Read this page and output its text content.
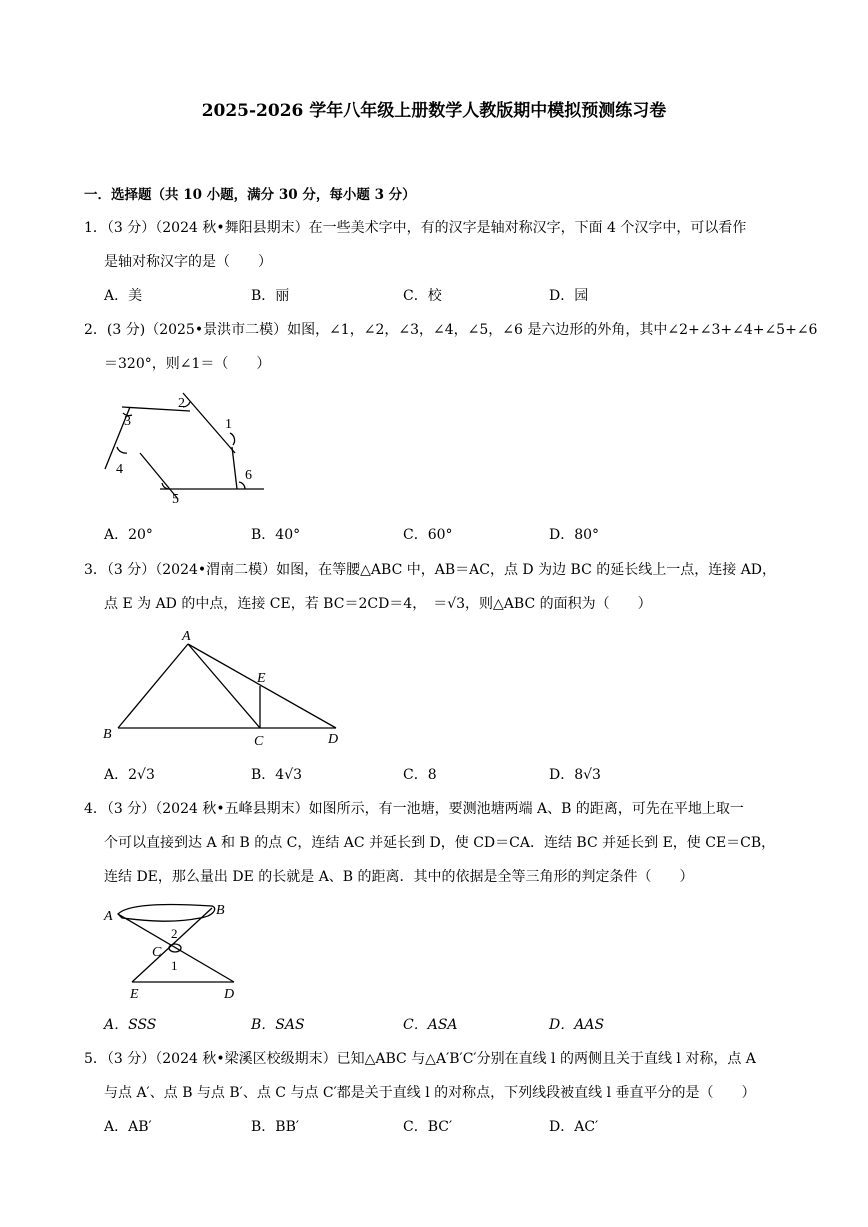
2025-2026 学年八年级上册数学人教版期中模拟预测练习卷
一．选择题（共 10 小题，满分 30 分，每小题 3 分）
1．（3 分）（2024 秋•舞阳县期末）在一些美术字中，有的汉字是轴对称汉字，下面 4 个汉字中，可以看作
是轴对称汉字的是（　　）
A．美	B．丽	C．校	D．园
2．(3 分)（2025•景洪市二模）如图，∠1，∠2，∠3，∠4，∠5，∠6 是六边形的外角，其中∠2+∠3+∠4+∠5+∠6
＝320°，则∠1＝（　　）
2
1
3
4
5
6
A．20°	B．40°	C．60°	D．80°
3．（3 分）（2024•渭南二模）如图，在等腰△ABC 中，AB＝AC，点 D 为边 BC 的延长线上一点，连接 AD，
点 E 为 AD 的中点，连接 CE，若 BC＝2CD＝4，　＝√3，则△ABC 的面积为（　　）
A
B	C	D
E
A．2√3	B．4√3	C．8	D．8√3
4．（3 分）（2024 秋•五峰县期末）如图所示，有一池塘，要测池塘两端 A、B 的距离，可先在平地上取一
个可以直接到达 A 和 B 的点 C，连结 AC 并延长到 D，使 CD＝CA．连结 BC 并延长到 E，使 CE＝CB，
连结 DE，那么量出 DE 的长就是 A、B 的距离．其中的依据是全等三角形的判定条件（　　）
A	B
C
D
E
1
2
A．SSS	B．SAS	C．ASA	D．AAS
5．（3 分）（2024 秋•梁溪区校级期末）已知△ABC 与△A′B′C′分别在直线 l 的两侧且关于直线 l 对称，点 A
与点 A′、点 B 与点 B′、点 C 与点 C′都是关于直线 l 的对称点，下列线段被直线 l 垂直平分的是（　　）
A．AB′	B．BB′	C．BC′	D．AC′
